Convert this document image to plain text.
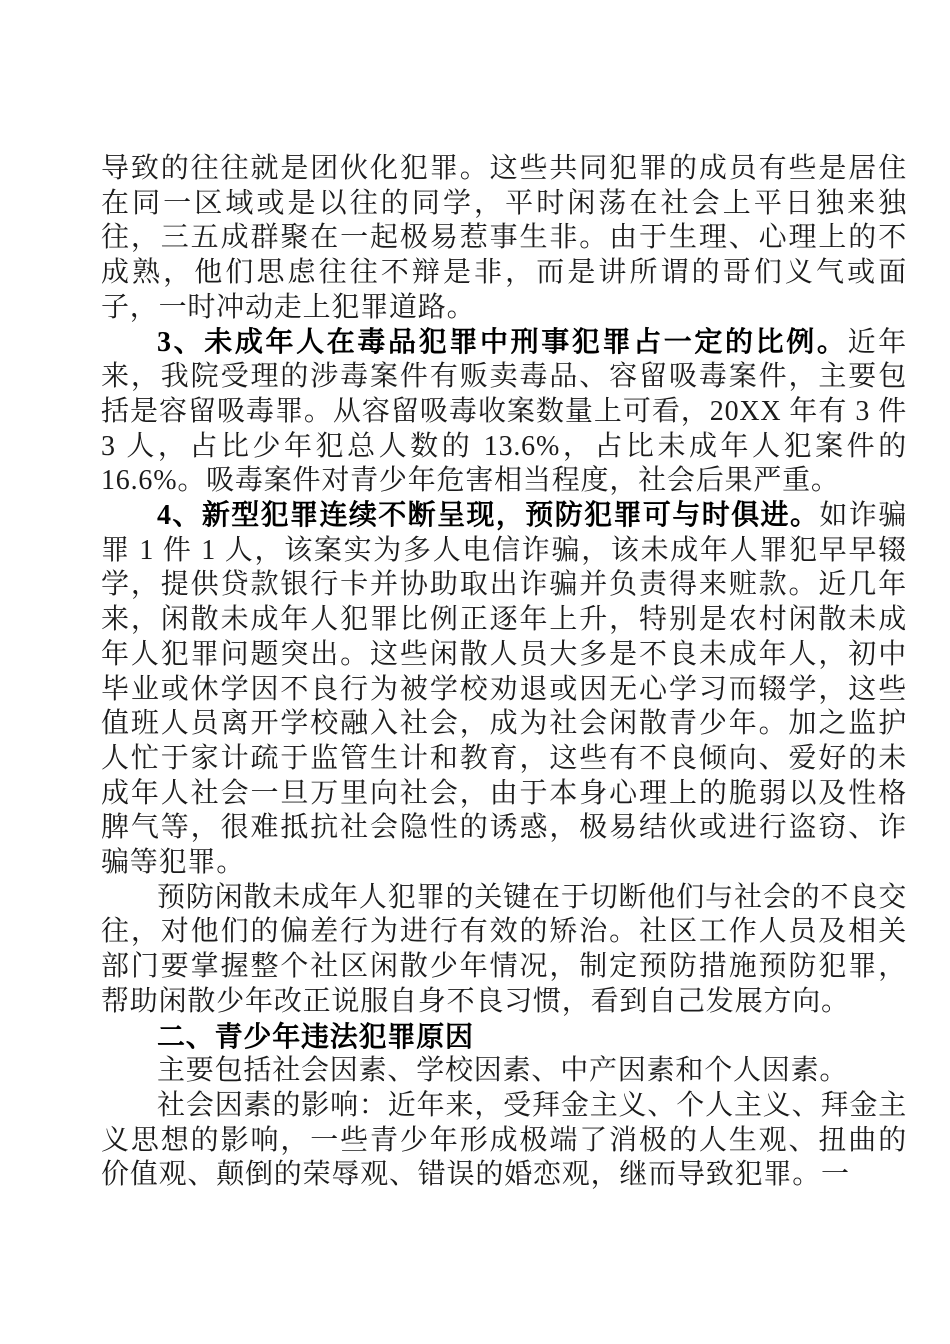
导致的往往就是团伙化犯罪。这些共同犯罪的成员有些是居住在同一区域或是以往的同学，平时闲荡在社会上平日独来独往，三五成群聚在一起极易惹事生非。由于生理、心理上的不成熟，他们思虑往往不辩是非，而是讲所谓的哥们义气或面子，一时冲动走上犯罪道路。

3、未成年人在毒品犯罪中刑事犯罪占一定的比例。近年来，我院受理的涉毒案件有贩卖毒品、容留吸毒案件，主要包括是容留吸毒罪。从容留吸毒收案数量上可看，20XX 年有 3 件 3 人，占比少年犯总人数的 13.6%，占比未成年人犯案件的 16.6%。吸毒案件对青少年危害相当程度，社会后果严重。

4、新型犯罪连续不断呈现，预防犯罪可与时俱进。如诈骗罪 1 件 1 人，该案实为多人电信诈骗，该未成年人罪犯早早辍学，提供贷款银行卡并协助取出诈骗并负责得来赃款。近几年来，闲散未成年人犯罪比例正逐年上升，特别是农村闲散未成年人犯罪问题突出。这些闲散人员大多是不良未成年人，初中毕业或休学因不良行为被学校劝退或因无心学习而辍学，这些值班人员离开学校融入社会，成为社会闲散青少年。加之监护人忙于家计疏于监管生计和教育，这些有不良倾向、爱好的未成年人社会一旦万里向社会，由于本身心理上的脆弱以及性格脾气等，很难抵抗社会隐性的诱惑，极易结伙或进行盗窃、诈骗等犯罪。

预防闲散未成年人犯罪的关键在于切断他们与社会的不良交往，对他们的偏差行为进行有效的矫治。社区工作人员及相关部门要掌握整个社区闲散少年情况，制定预防措施预防犯罪，帮助闲散少年改正说服自身不良习惯，看到自己发展方向。

二、青少年违法犯罪原因

主要包括社会因素、学校因素、中产因素和个人因素。

社会因素的影响：近年来，受拜金主义、个人主义、拜金主义思想的影响，一些青少年形成极端了消极的人生观、扭曲的价值观、颠倒的荣辱观、错误的婚恋观，继而导致犯罪。一
